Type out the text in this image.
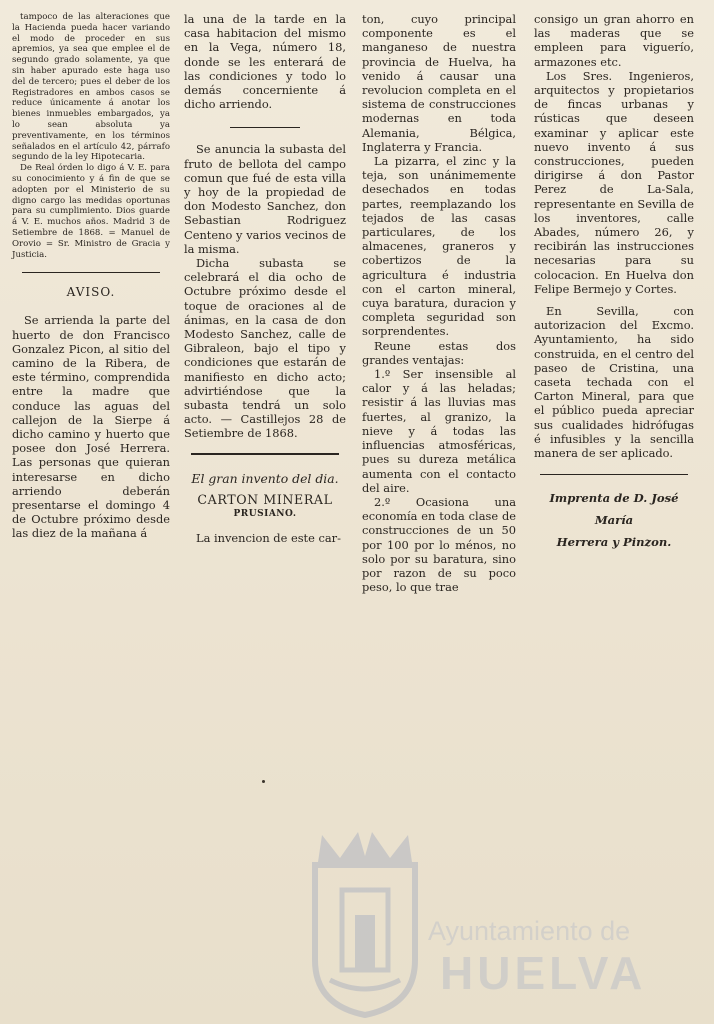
tampoco de las alteraciones que la Hacienda pueda hacer variando el modo de proceder en sus apremios, ya sea que emplee el de segundo grado solamente, ya que sin haber apurado este haga uso del de tercero; pues el deber de los Registradores en ambos casos se reduce únicamente á anotar los bienes inmuebles embargados, ya lo sean absoluta ya preventivamente, en los términos señalados en el artículo 42, párrafo segundo de la ley Hipotecaria.

De Real órden lo digo á V. E. para su conocimiento y á fin de que se adopten por el Ministerio de su digno cargo las medidas oportunas para su cumplimiento. Dios guarde á V. E. muchos años. Madrid 3 de Setiembre de 1868. = Manuel de Orovio = Sr. Ministro de Gracia y Justicia.

AVISO.

Se arrienda la parte del huerto de don Francisco Gonzalez Picon, al sitio del camino de la Ribera, de este término, comprendida entre la madre que conduce las aguas del callejon de la Sierpe á dicho camino y huerto que posee don José Herrera. Las personas que quieran interesarse en dicho arriendo deberán presentarse el domingo 4 de Octubre próximo desde las diez de la mañana á

la una de la tarde en la casa habitacion del mismo en la Vega, número 18, donde se les enterará de las condiciones y todo lo demás concerniente á dicho arriendo.

Se anuncia la subasta del fruto de bellota del campo comun que fué de esta villa y hoy de la propiedad de don Modesto Sanchez, don Sebastian Rodriguez Centeno y varios vecinos de la misma.

Dicha subasta se celebrará el dia ocho de Octubre próximo desde el toque de oraciones al de ánimas, en la casa de don Modesto Sanchez, calle de Gibraleon, bajo el tipo y condiciones que estarán de manifiesto en dicho acto; advirtiéndose que la subasta tendrá un solo acto. — Castillejos 28 de Setiembre de 1868.

El gran invento del dia.
CARTON MINERAL
PRUSIANO.

La invencion de este car-

ton, cuyo principal componente es el manganeso de nuestra provincia de Huelva, ha venido á causar una revolucion completa en el sistema de construcciones modernas en toda Alemania, Bélgica, Inglaterra y Francia.

La pizarra, el zinc y la teja, son unánimemente desechados en todas partes, reemplazando los tejados de las casas particulares, de los almacenes, graneros y cobertizos de la agricultura é industria con el carton mineral, cuya baratura, duracion y completa seguridad son sorprendentes.

Reune estas dos grandes ventajas:

1.º Ser insensible al calor y á las heladas; resistir á las lluvias mas fuertes, al granizo, la nieve y á todas las influencias atmosféricas, pues su dureza metálica aumenta con el contacto del aire.

2.º Ocasiona una economía en toda clase de construcciones de un 50 por 100 por lo ménos, no solo por su baratura, sino por razon de su poco peso, lo que trae

consigo un gran ahorro en las maderas que se empleen para viguerío, armazones etc.

Los Sres. Ingenieros, arquitectos y propietarios de fincas urbanas y rústicas que deseen examinar y aplicar este nuevo invento á sus construcciones, pueden dirigirse á don Pastor Perez de La-Sala, representante en Sevilla de los inventores, calle Abades, número 26, y recibirán las instrucciones necesarias para su colocacion. En Huelva don Felipe Bermejo y Cortes.

En Sevilla, con autorizacion del Excmo. Ayuntamiento, ha sido construida, en el centro del paseo de Cristina, una caseta techada con el Carton Mineral, para que el público pueda apreciar sus cualidades hidrófugas é infusibles y la sencilla manera de ser aplicado.

Imprenta de D. José María
Herrera y Pinzon.
Ayuntamiento de
HUELVA
